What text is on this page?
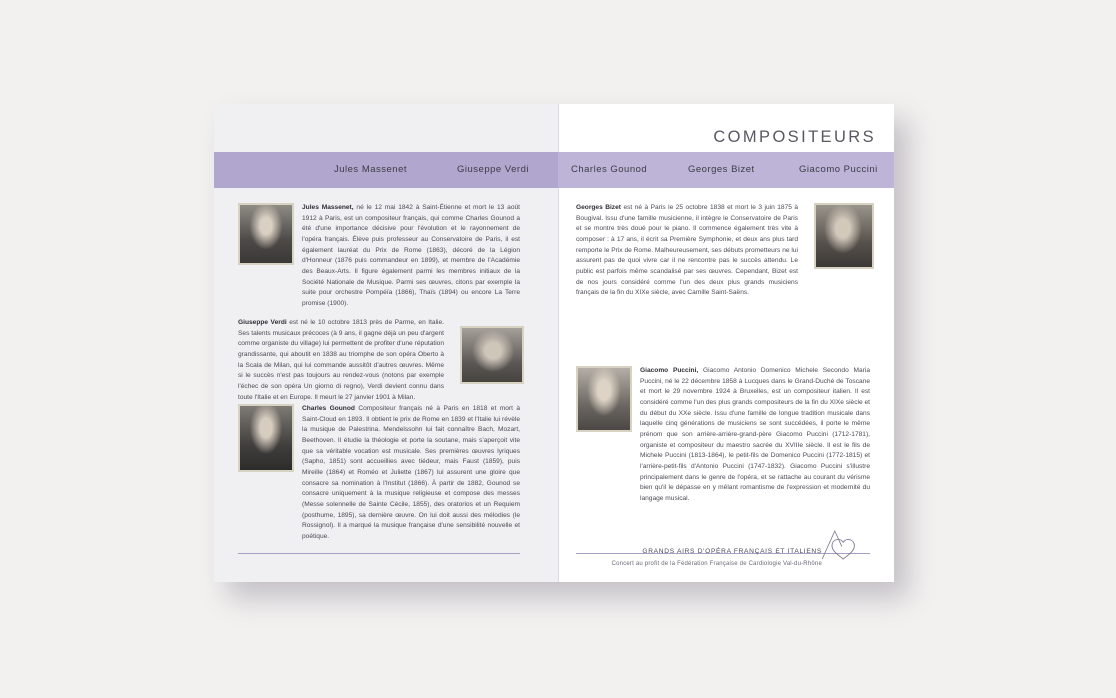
COMPOSITEURS
Jules Massenet	Giuseppe Verdi	Charles Gounod	Georges Bizet	Giacomo Puccini

Jules Massenet, né le 12 mai 1842 à Saint-Étienne et mort le 13 août 1912 à Paris, est un compositeur français, qui comme Charles Gounod a été d'une importance décisive pour l'évolution et le rayonnement de l'opéra français. Élève puis professeur au Conservatoire de Paris, il est également lauréat du Prix de Rome (1863), décoré de la Légion d'Honneur (1876 puis commandeur en 1899), et membre de l'Académie des Beaux-Arts. Il figure également parmi les membres initiaux de la Société Nationale de Musique. Parmi ses œuvres, citons par exemple la suite pour orchestre Pompéïa (1866), Thaïs (1894) ou encore La Terre promise (1900).

Giuseppe Verdi est né le 10 octobre 1813 près de Parme, en Italie. Ses talents musicaux précoces (à 9 ans, il gagne déjà un peu d'argent comme organiste du village) lui permettent de profiter d'une réputation grandissante, qui aboutit en 1838 au triomphe de son opéra Oberto à la Scala de Milan, qui lui commande aussitôt d'autres œuvres. Même si le succès n'est pas toujours au rendez-vous (notons par exemple l'échec de son opéra Un giorno di regno), Verdi devient connu dans toute l'Italie et en Europe. Il meurt le 27 janvier 1901 à Milan.

Charles Gounod Compositeur français né à Paris en 1818 et mort à Saint-Cloud en 1893. Il obtient le prix de Rome en 1839 et l'Italie lui révèle la musique de Palestrina. Mendelssohn lui fait connaître Bach, Mozart, Beethoven. Il étudie la théologie et porte la soutane, mais s'aperçoit vite que sa véritable vocation est musicale. Ses premières œuvres lyriques (Sapho, 1851) sont accueillies avec tiédeur, mais Faust (1859), puis Mireille (1864) et Roméo et Juliette (1867) lui assurent une gloire que consacre sa nomination à l'Institut (1866). À partir de 1882, Gounod se consacre uniquement à la musique religieuse et compose des messes (Messe solennelle de Sainte Cécile, 1855), des oratorios et un Requiem (posthume, 1895), sa dernière œuvre. On lui doit aussi des mélodies (le Rossignol). Il a marqué la musique française d'une sensibilité nouvelle et poétique.

Georges Bizet est né à Paris le 25 octobre 1838 et mort le 3 juin 1875 à Bougival. Issu d'une famille musicienne, il intègre le Conservatoire de Paris et se montre très doué pour le piano. Il commence également très vite à composer : à 17 ans, il écrit sa Première Symphonie, et deux ans plus tard remporte le Prix de Rome. Malheureusement, ses débuts prometteurs ne lui assurent pas de quoi vivre car il ne rencontre pas le succès attendu. Le public est parfois même scandalisé par ses œuvres. Cependant, Bizet est de nos jours considéré comme l'un des deux plus grands musiciens français de la fin du XIXe siècle, avec Camille Saint-Saëns.

Giacomo Puccini, Giacomo Antonio Domenico Michele Secondo Maria Puccini, né le 22 décembre 1858 à Lucques dans le Grand-Duché de Toscane et mort le 29 novembre 1924 à Bruxelles, est un compositeur italien. Il est considéré comme l'un des plus grands compositeurs de la fin du XIXe siècle et du début du XXe siècle. Issu d'une famille de longue tradition musicale dans laquelle cinq générations de musiciens se sont succédées, il porte le même prénom que son arrière-arrière-grand-père Giacomo Puccini (1712-1781), organiste et compositeur du maestro sacrée du XVIIIe siècle. Il est le fils de Michele Puccini (1813-1864), le petit-fils de Domenico Puccini (1772-1815) et l'arrière-petit-fils d'Antonio Puccini (1747-1832). Giacomo Puccini s'illustre principalement dans le genre de l'opéra, et se rattache au courant du vérisme bien qu'il le dépasse en y mêlant romantisme de l'expression et modernité du langage musical.

GRANDS AIRS D'OPÉRA FRANÇAIS ET ITALIENS
Concert au profit de la Fédération Française de Cardiologie Val-du-Rhône
